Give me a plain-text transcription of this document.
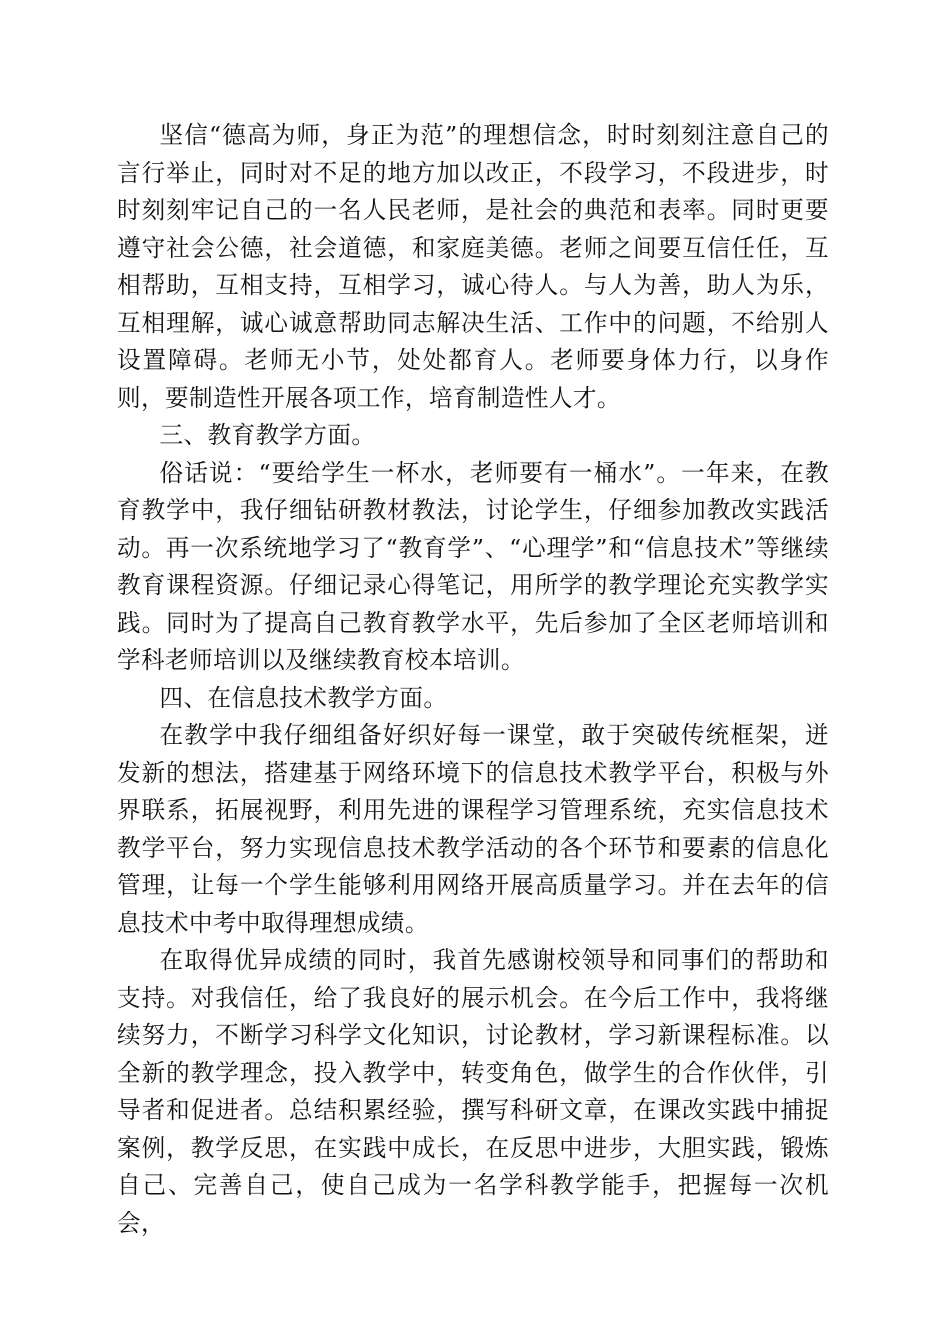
坚信“德高为师，身正为范”的理想信念，时时刻刻注意自己的言行举止，同时对不足的地方加以改正，不段学习，不段进步，时时刻刻牢记自己的一名人民老师，是社会的典范和表率。同时更要遵守社会公德，社会道德，和家庭美德。老师之间要互信任任，互相帮助，互相支持，互相学习，诚心待人。与人为善，助人为乐，互相理解，诚心诚意帮助同志解决生活、工作中的问题，不给别人设置障碍。老师无小节，处处都育人。老师要身体力行，以身作则，要制造性开展各项工作，培育制造性人才。

三、教育教学方面。

俗话说：“要给学生一杯水，老师要有一桶水”。一年来，在教育教学中，我仔细钻研教材教法，讨论学生，仔细参加教改实践活动。再一次系统地学习了“教育学”、“心理学”和“信息技术”等继续教育课程资源。仔细记录心得笔记，用所学的教学理论充实教学实践。同时为了提高自己教育教学水平，先后参加了全区老师培训和学科老师培训以及继续教育校本培训。

四、在信息技术教学方面。

在教学中我仔细组备好织好每一课堂，敢于突破传统框架，迸发新的想法，搭建基于网络环境下的信息技术教学平台，积极与外界联系，拓展视野，利用先进的课程学习管理系统，充实信息技术教学平台，努力实现信息技术教学活动的各个环节和要素的信息化管理，让每一个学生能够利用网络开展高质量学习。并在去年的信息技术中考中取得理想成绩。

在取得优异成绩的同时，我首先感谢校领导和同事们的帮助和支持。对我信任，给了我良好的展示机会。在今后工作中，我将继续努力，不断学习科学文化知识，讨论教材，学习新课程标准。以全新的教学理念，投入教学中，转变角色，做学生的合作伙伴，引导者和促进者。总结积累经验，撰写科研文章，在课改实践中捕捉案例，教学反思，在实践中成长，在反思中进步，大胆实践，锻炼自己、完善自己，使自己成为一名学科教学能手，把握每一次机会，
